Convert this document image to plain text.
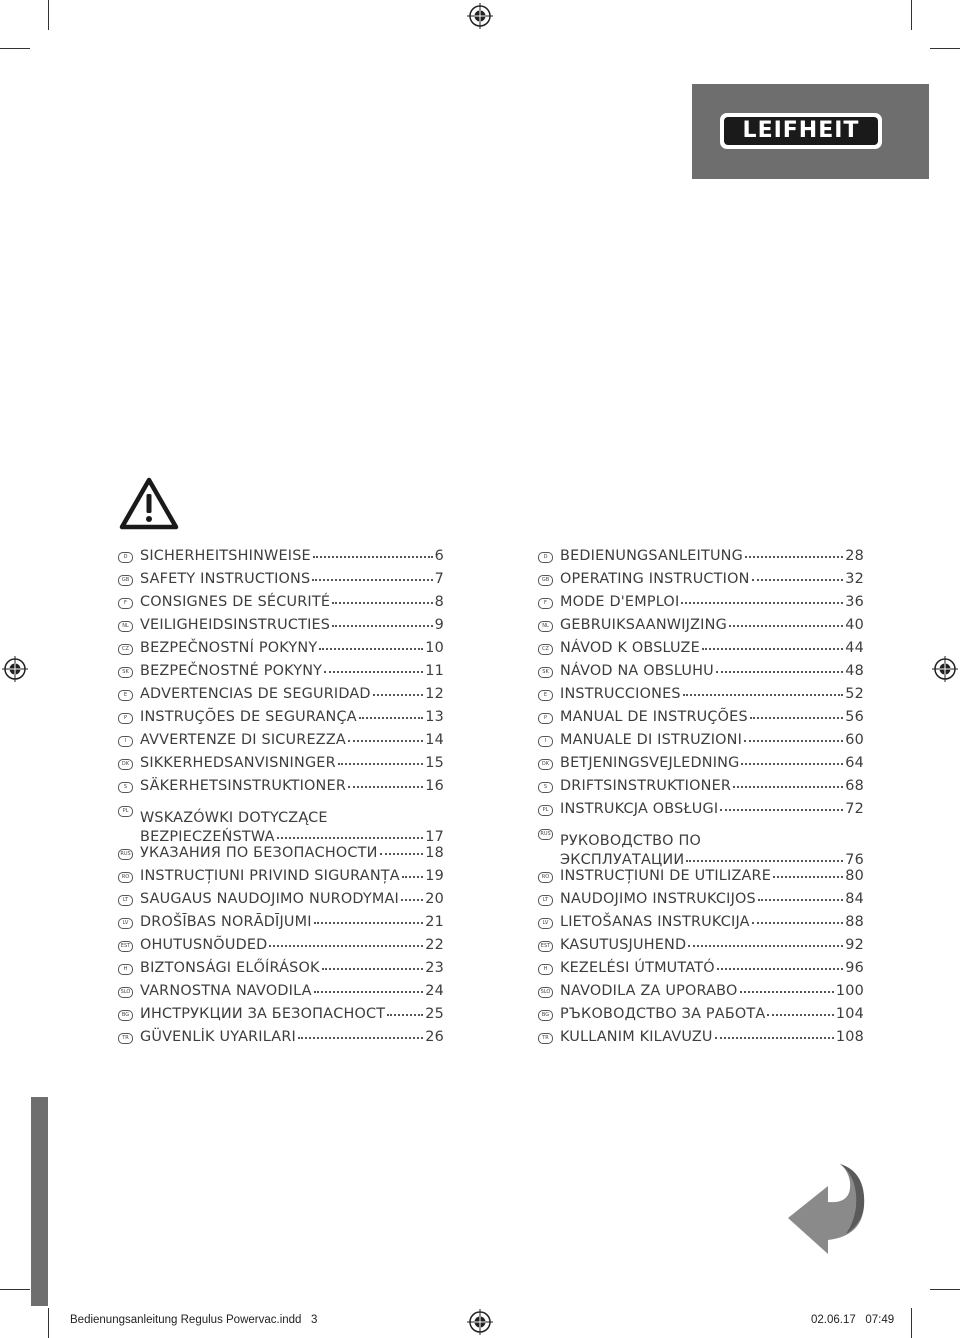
LEIFHEIT
D SICHERHEITSHINWEISE	6
GB SAFETY INSTRUCTIONS	7
F CONSIGNES DE SÉCURITÉ	8
NL VEILIGHEIDSINSTRUCTIES	9
CZ BEZPEČNOSTNÍ POKYNY	10
SK BEZPEČNOSTNÉ POKYNY	11
E ADVERTENCIAS DE SEGURIDAD	12
P INSTRUÇÕES DE SEGURANÇA	13
I AVVERTENZE DI SICUREZZA	14
DK SIKKERHEDSANVISNINGER	15
S SÄKERHETSINSTRUKTIONER	16
PL WSKAZÓWKI DOTYCZĄCE
BEZPIECZEŃSTWA	17
RUS УКАЗАНИЯ ПО БЕЗОПАСНОСТИ	18
RO INSTRUCȚIUNI PRIVIND SIGURANȚA 19
LT SAUGAUS NAUDOJIMO NURODYMAI 20
LV DROŠĪBAS NORĀDĪJUMI	21
EST OHUTUSNÕUDED	22
H BIZTONSÁGI ELŐÍRÁSOK	23
SLO VARNOSTNA NAVODILA	24
BG ИНСТРУКЦИИ ЗА БЕЗОПАСНОСТ	25
TR GÜVENLİK UYARILARI	26
D BEDIENUNGSANLEITUNG	28
GB OPERATING INSTRUCTION	32
F MODE D'EMPLOI	36
NL GEBRUIKSAANWIJZING	40
CZ NÁVOD K OBSLUZE	44
SK NÁVOD NA OBSLUHU	48
E INSTRUCCIONES	52
P MANUAL DE INSTRUÇÕES	56
I MANUALE DI ISTRUZIONI	60
DK BETJENINGSVEJLEDNING	64
S DRIFTSINSTRUKTIONER	68
PL INSTRUKCJA OBSŁUGI	72
RUS РУКОВОДСТВО ПО
ЭКСПЛУАТАЦИИ	76
RO INSTRUCȚIUNI DE UTILIZARE	80
LT NAUDOJIMO INSTRUKCIJOS	84
LV LIETOŠANAS INSTRUKCIJA	88
EST KASUTUSJUHEND	92
H KEZELÉSI ÚTMUTATÓ	96
SLO NAVODILA ZA UPORABO	100
BG РЪКОВОДСТВО ЗА РАБОТА	104
TR KULLANIM KILAVUZU	108
Bedienungsanleitung Regulus Powervac.indd   3	02.06.17   07:49
